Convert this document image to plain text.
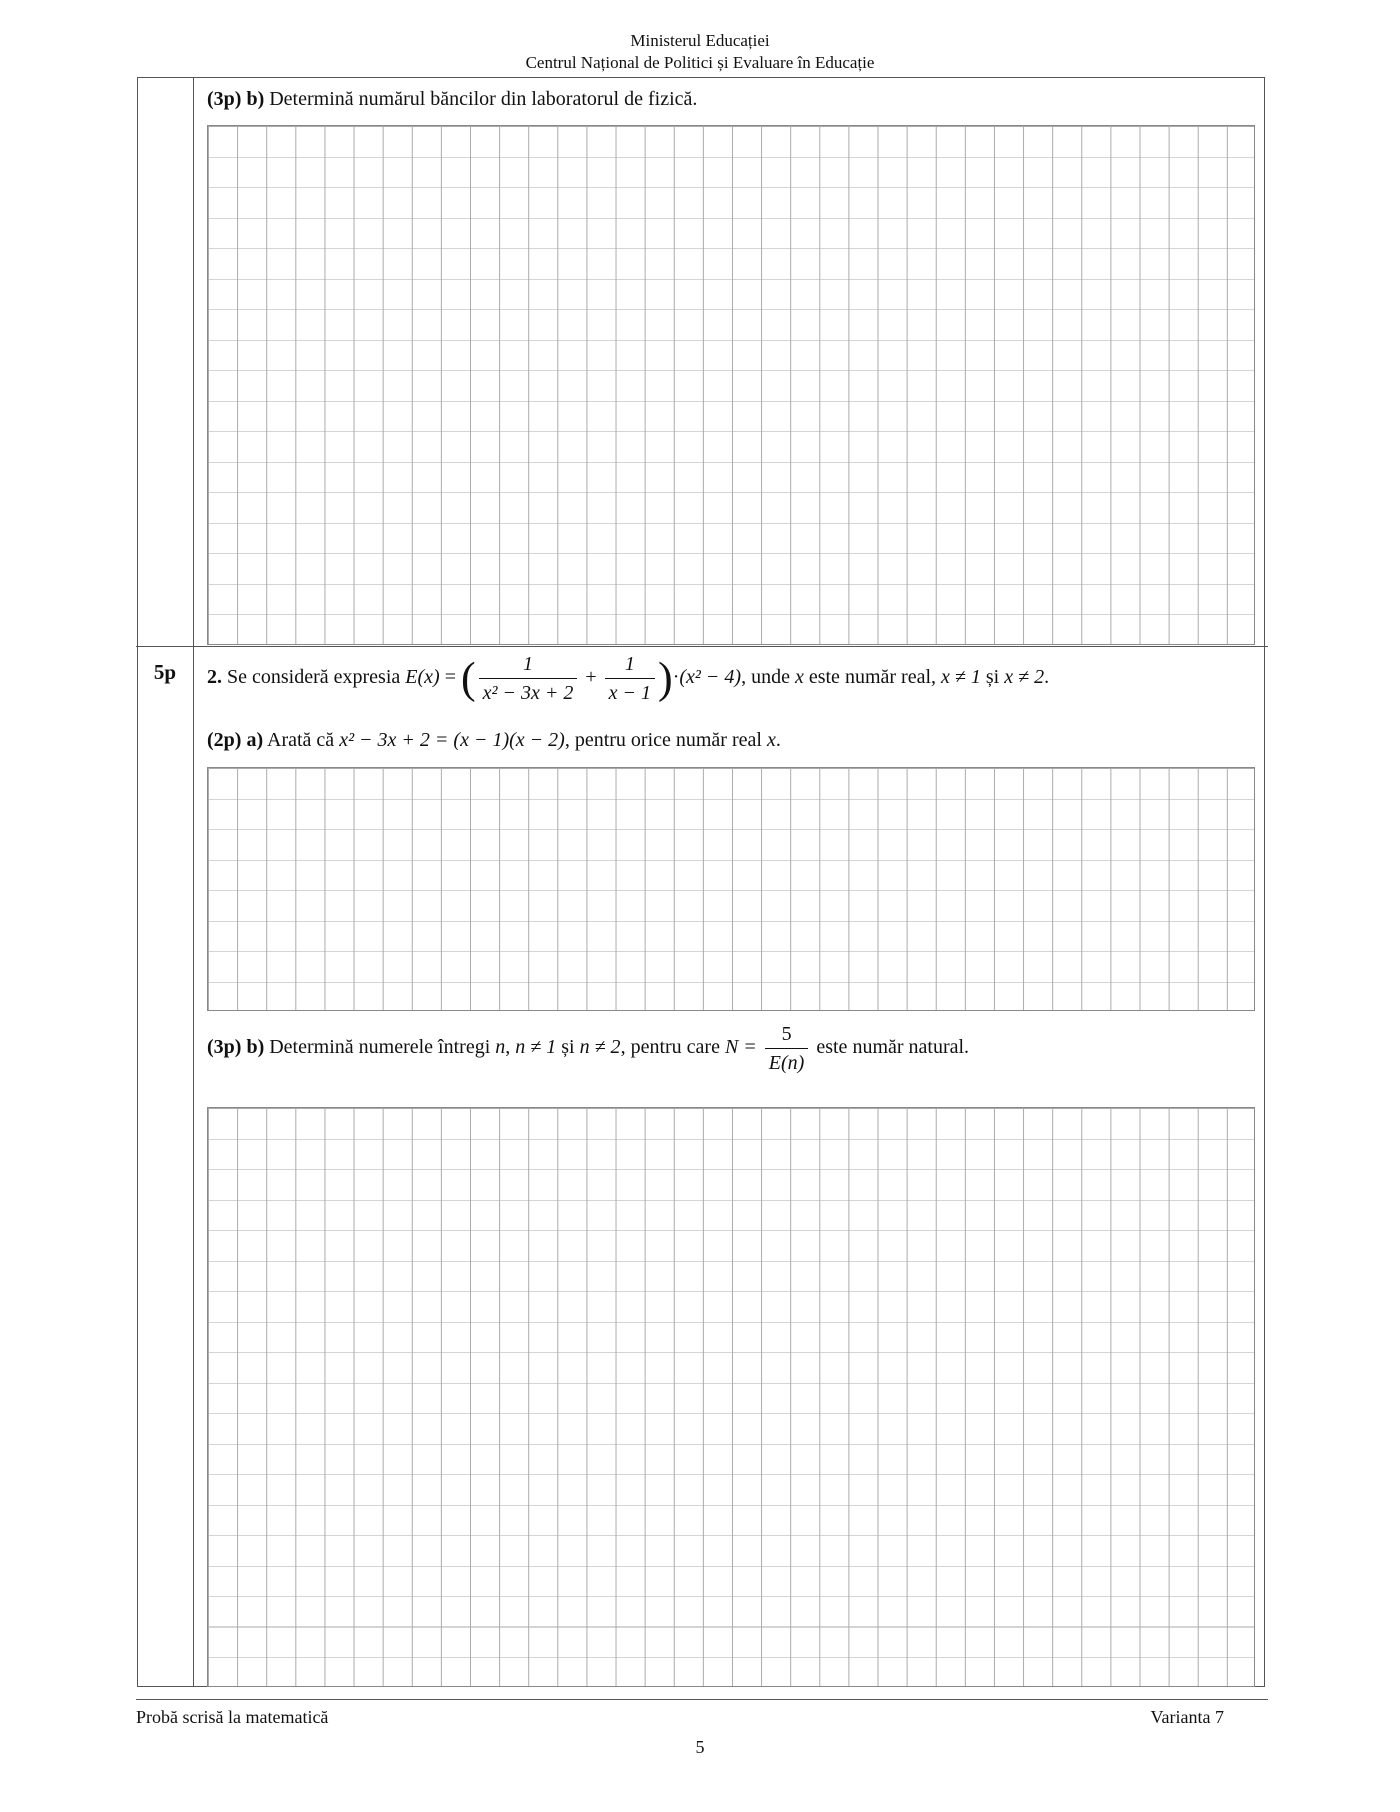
Ministerul Educației
Centrul Național de Politici și Evaluare în Educație
(3p) b) Determină numărul băncilor din laboratorul de fizică.
5p	2. Se consideră expresia E(x) = ( $\frac{1}{\text{x² − 3x + 2}} + \frac{1}{x - 1} )\cdot(x^2 - 4)$, unde x este număr real, x ≠ 1 și x ≠ 2.
(2p) a) Arată că x² − 3x + 2 = (x − 1)(x − 2), pentru orice număr real x.
(3p) b) Determină numerele întregi n, n ≠ 1 și n ≠ 2, pentru care $N = \frac{5}{E(n)}$ este număr natural.
Probă scrisă la matematică	Varianta 7
5
